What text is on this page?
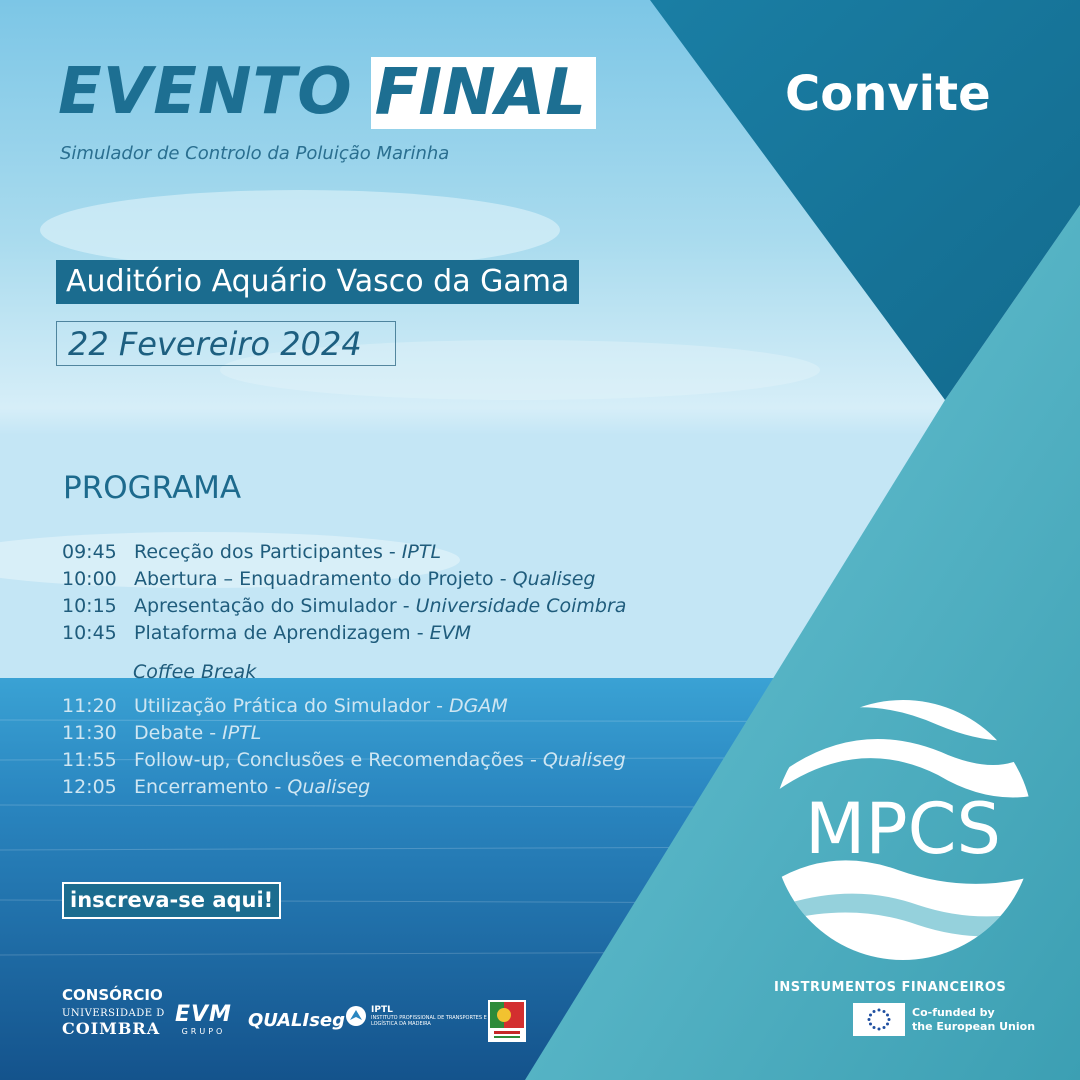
EVENTO FINAL
Simulador de Controlo da Poluição Marinha
Convite
Auditório Aquário Vasco da Gama
22 Fevereiro 2024
PROGRAMA
09:45 Receção dos Participantes - IPTL
10:00 Abertura – Enquadramento do Projeto - Qualiseg
10:15 Apresentação do Simulador - Universidade Coimbra
10:45 Plataforma de Aprendizagem - EVM
Coffee Break
11:20 Utilização Prática do Simulador - DGAM
11:30 Debate - IPTL
11:55 Follow-up, Conclusões e Recomendações - Qualiseg
12:05 Encerramento - Qualiseg
inscreva-se aqui!
CONSÓRCIO
UNIVERSIDADE D
COIMBRA
EVM
GRUPO
QUALIseg	IPTL
INSTITUTO PROFISSIONAL DE TRANSPORTES E LOGÍSTICA DA MADEIRA
MPCS
INSTRUMENTOS FINANCEIROS
Co-funded by
the European Union
